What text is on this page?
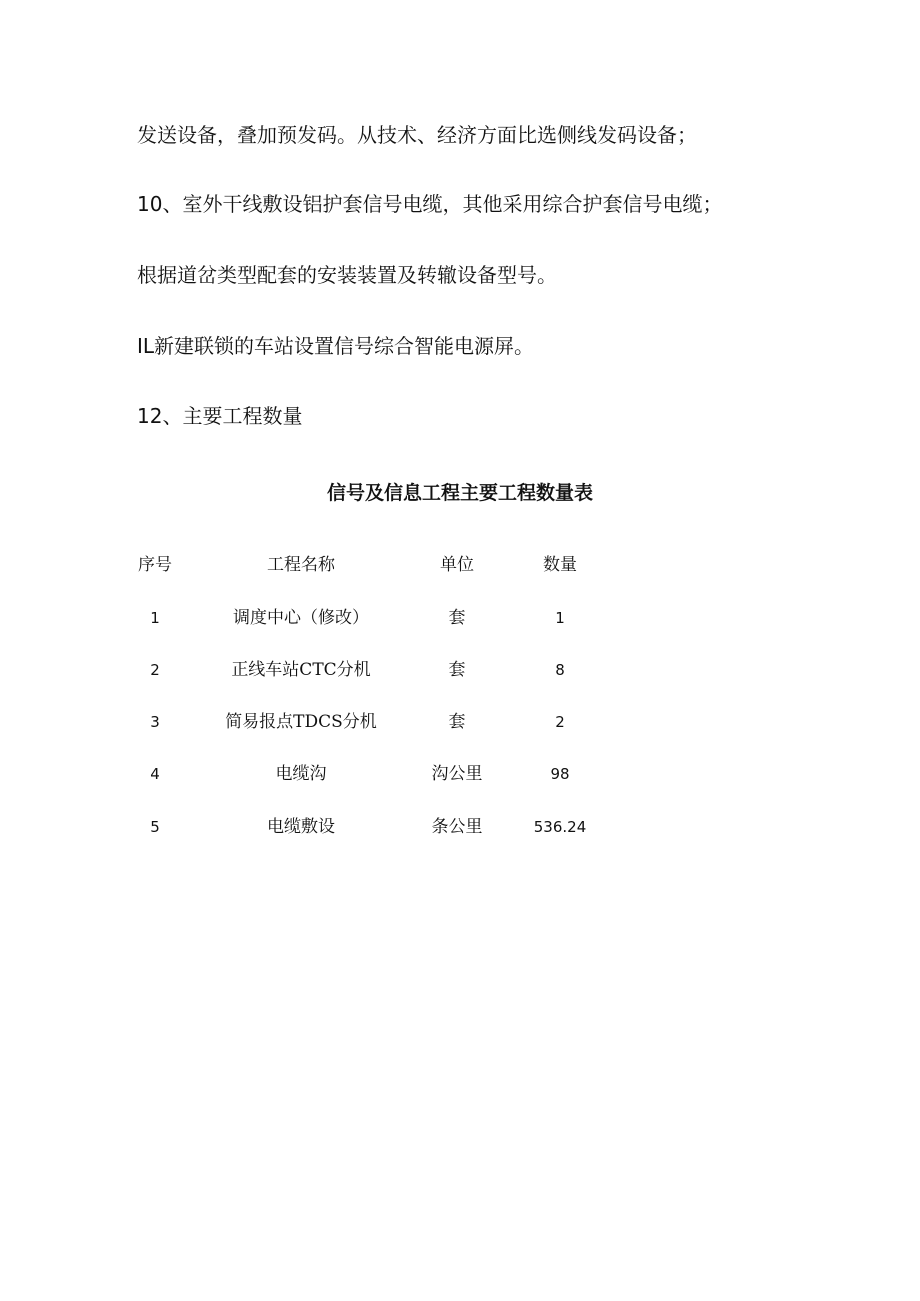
发送设备，叠加预发码。从技术、经济方面比选侧线发码设备；

10、室外干线敷设铝护套信号电缆，其他采用综合护套信号电缆；

根据道岔类型配套的安装装置及转辙设备型号。

IL新建联锁的车站设置信号综合智能电源屏。

12、主要工程数量

信号及信息工程主要工程数量表
序号	工程名称	单位	数量
1	调度中心（修改）	套	1
2	正线车站CTC分机	套	8
3	简易报点TDCS分机	套	2
4	电缆沟	沟公里	98
5	电缆敷设	条公里	536.24
